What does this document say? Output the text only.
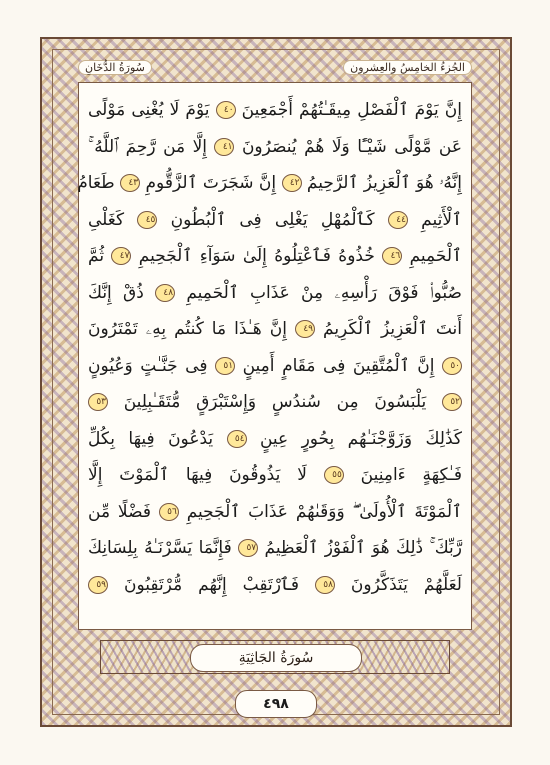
سُورَةُ الدُّخَانِ	الجُزءُ الخامِسُ والعِشرون
إِنَّ يَوْمَ ٱلْفَصْلِ مِيقَـٰتُهُمْ أَجْمَعِينَ ٤٠ يَوْمَ لَا يُغْنِى مَوْلًى
عَن مَّوْلًى شَيْـًٔا وَلَا هُمْ يُنصَرُونَ ٤١ إِلَّا مَن رَّحِمَ ٱللَّهُ ۚ
إِنَّهُۥ هُوَ ٱلْعَزِيزُ ٱلرَّحِيمُ ٤٢ إِنَّ شَجَرَتَ ٱلزَّقُّومِ ٤٣ طَعَامُ
ٱلْأَثِيمِ ٤٤ كَٱلْمُهْلِ يَغْلِى فِى ٱلْبُطُونِ ٤٥ كَغَلْىِ
ٱلْحَمِيمِ ٤٦ خُذُوهُ فَٱعْتِلُوهُ إِلَىٰ سَوَآءِ ٱلْجَحِيمِ ٤٧ ثُمَّ
صُبُّوا۟ فَوْقَ رَأْسِهِۦ مِنْ عَذَابِ ٱلْحَمِيمِ ٤٨ ذُقْ إِنَّكَ
أَنتَ ٱلْعَزِيزُ ٱلْكَرِيمُ ٤٩ إِنَّ هَـٰذَا مَا كُنتُم بِهِۦ تَمْتَرُونَ
٥٠ إِنَّ ٱلْمُتَّقِينَ فِى مَقَامٍ أَمِينٍ ٥١ فِى جَنَّـٰتٍ وَعُيُونٍ
٥٢ يَلْبَسُونَ مِن سُندُسٍ وَإِسْتَبْرَقٍ مُّتَقَـٰبِلِينَ ٥٣
كَذَٰلِكَ وَزَوَّجْنَـٰهُم بِحُورٍ عِينٍ ٥٤ يَدْعُونَ فِيهَا بِكُلِّ
فَـٰكِهَةٍ ءَامِنِينَ ٥٥ لَا يَذُوقُونَ فِيهَا ٱلْمَوْتَ إِلَّا
ٱلْمَوْتَةَ ٱلْأُولَىٰ ۖ وَوَقَىٰهُمْ عَذَابَ ٱلْجَحِيمِ ٥٦ فَضْلًا مِّن
رَّبِّكَ ۚ ذَٰلِكَ هُوَ ٱلْفَوْزُ ٱلْعَظِيمُ ٥٧ فَإِنَّمَا يَسَّرْنَـٰهُ بِلِسَانِكَ
لَعَلَّهُمْ يَتَذَكَّرُونَ ٥٨ فَٱرْتَقِبْ إِنَّهُم مُّرْتَقِبُونَ ٥٩
سُورَةُ الجَاثِيَةِ
٤٩٨
